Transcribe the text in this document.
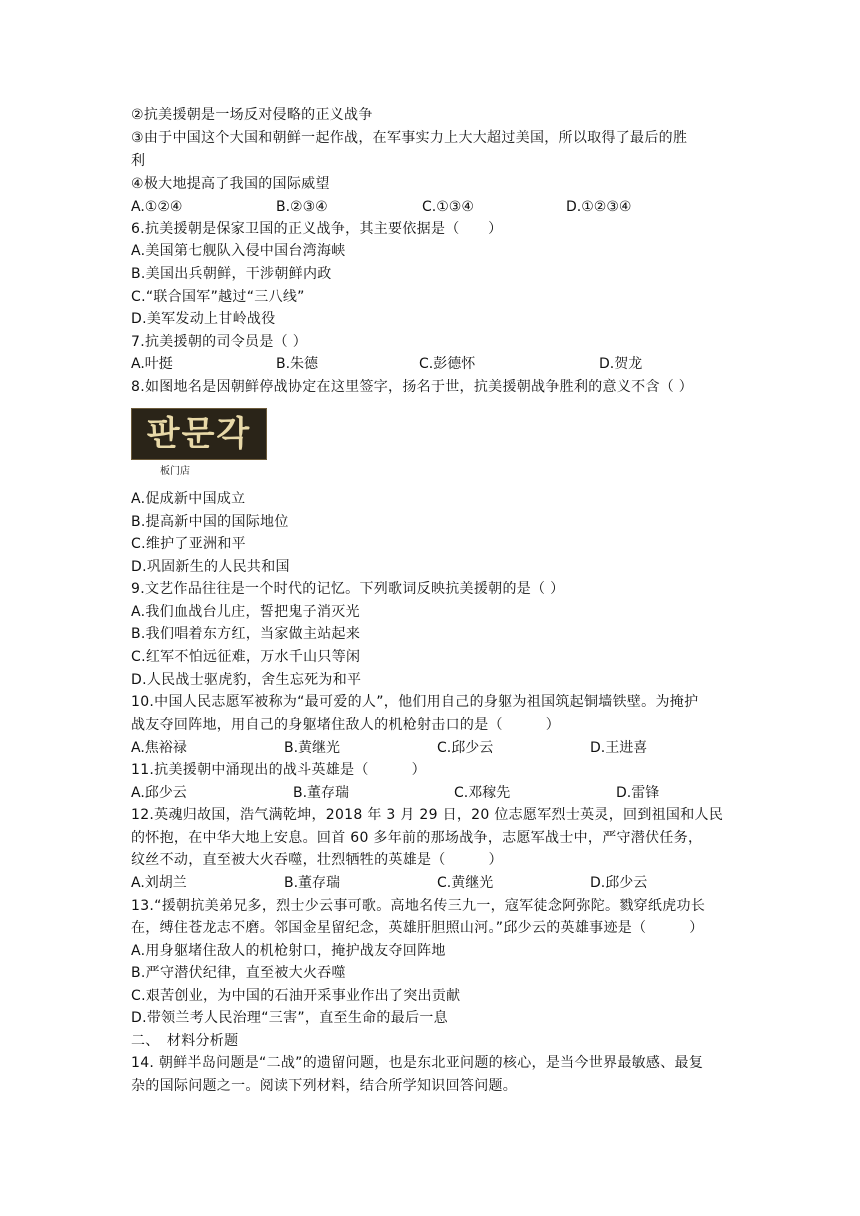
②抗美援朝是一场反对侵略的正义战争
③由于中国这个大国和朝鲜一起作战，在军事实力上大大超过美国，所以取得了最后的胜
利
④极大地提高了我国的国际威望
A.①②④	B.②③④	C.①③④	D.①②③④
6.抗美援朝是保家卫国的正义战争，其主要依据是（　　）
A.美国第七舰队入侵中国台湾海峡
B.美国出兵朝鲜，干涉朝鲜内政
C.“联合国军”越过“三八线”
D.美军发动上甘岭战役
7.抗美援朝的司令员是（ ）
A.叶挺	B.朱德	C.彭德怀	D.贺龙
8.如图地名是因朝鲜停战协定在这里签字，扬名于世，抗美援朝战争胜利的意义不含（ ）
판문각
板门店
A.促成新中国成立
B.提高新中国的国际地位
C.维护了亚洲和平
D.巩固新生的人民共和国
9.文艺作品往往是一个时代的记忆。下列歌词反映抗美援朝的是（ ）
A.我们血战台儿庄，誓把鬼子消灭光
B.我们唱着东方红，当家做主站起来
C.红军不怕远征难，万水千山只等闲
D.人民战士驱虎豹，舍生忘死为和平
10.中国人民志愿军被称为“最可爱的人”，他们用自己的身躯为祖国筑起铜墙铁壁。为掩护
战友夺回阵地，用自己的身躯堵住敌人的机枪射击口的是（　　　）
A.焦裕禄	B.黄继光	C.邱少云	D.王进喜
11.抗美援朝中涌现出的战斗英雄是（　　　）
A.邱少云	B.董存瑞	C.邓稼先	D.雷锋
12.英魂归故国，浩气满乾坤，2018 年 3 月 29 日，20 位志愿军烈士英灵，回到祖国和人民
的怀抱，在中华大地上安息。回首 60 多年前的那场战争，志愿军战士中，严守潜伏任务，
纹丝不动，直至被大火吞噬，壮烈牺牲的英雄是（　　　）
A.刘胡兰	B.董存瑞	C.黄继光	D.邱少云
13.“援朝抗美弟兄多，烈士少云事可歌。高地名传三九一，寇军徒念阿弥陀。戮穿纸虎功长
在，缚住苍龙志不磨。邻国金星留纪念，英雄肝胆照山河。”邱少云的英雄事迹是（　　　）
A.用身躯堵住敌人的机枪射口，掩护战友夺回阵地
B.严守潜伏纪律，直至被大火吞噬
C.艰苦创业，为中国的石油开采事业作出了突出贡献
D.带领兰考人民治理“三害”，直至生命的最后一息
二、　材料分析题
14. 朝鲜半岛问题是“二战”的遗留问题，也是东北亚问题的核心，是当今世界最敏感、最复
杂的国际问题之一。阅读下列材料，结合所学知识回答问题。
